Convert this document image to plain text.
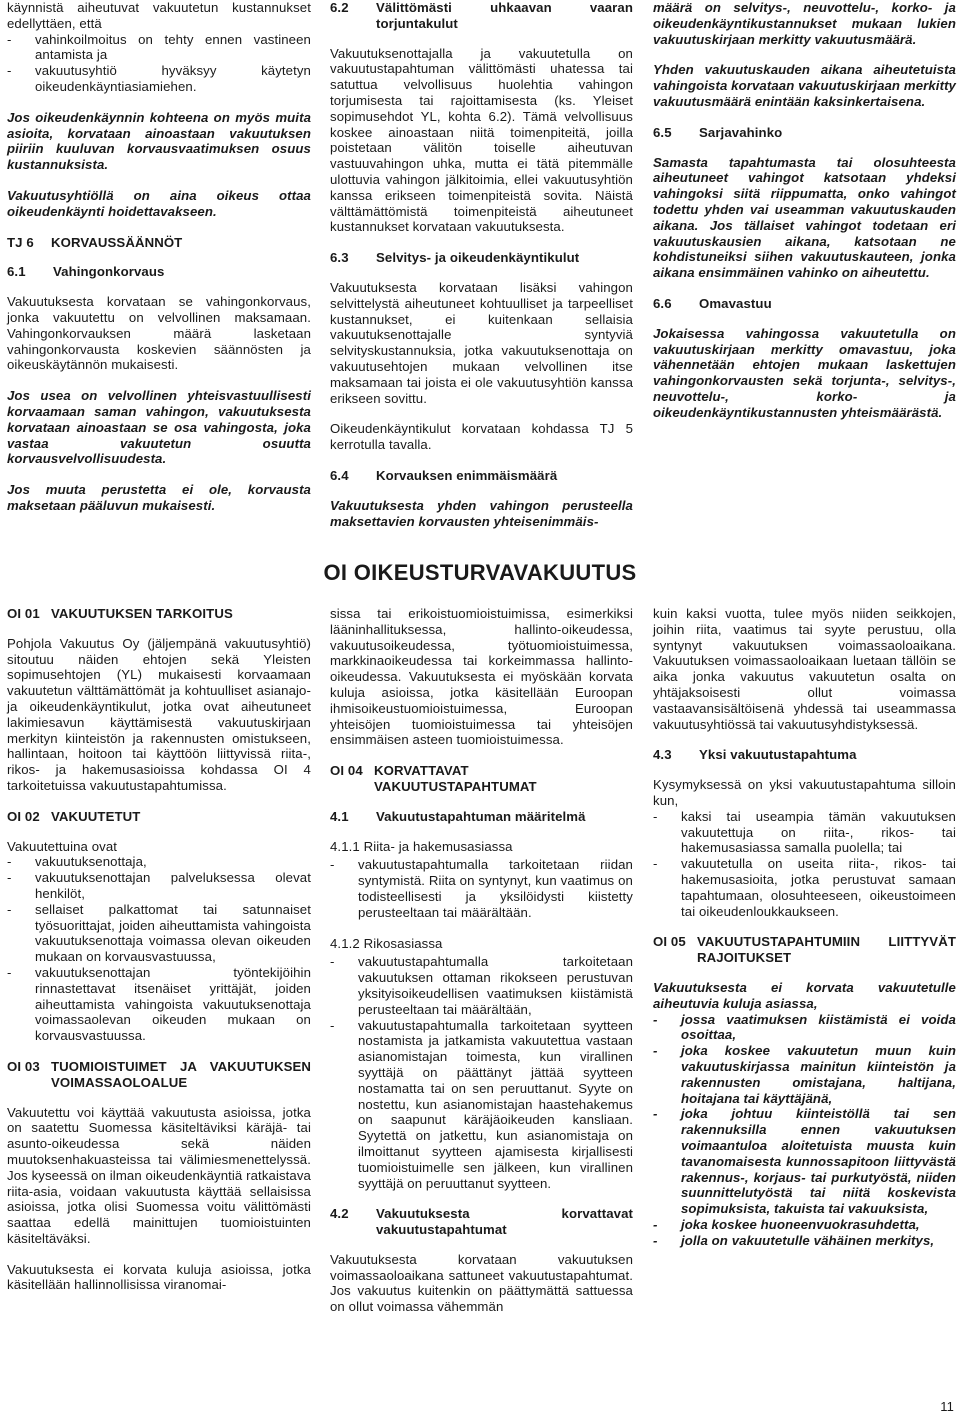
käynnistä aiheutuvat vakuutetun kustannukset edellyttäen, että
- vahinkoilmoitus on tehty ennen vastineen antamista ja
- vakuutusyhtiö hyväksyy käytetyn oikeudenkäyntiasiamiehen.

Jos oikeudenkäynnin kohteena on myös muita asioita, korvataan ainoastaan vakuutuksen piiriin kuuluvan korvausvaatimuksen osuus kustannuksista.

Vakuutusyhtiöllä on aina oikeus ottaa oikeudenkäynti hoidettavakseen.

TJ 6	KORVAUSSÄÄNNÖT
6.1	Vahingonkorvaus

Vakuutuksesta korvataan se vahingonkorvaus, jonka vakuutettu on velvollinen maksamaan. Vahingonkorvauksen määrä lasketaan vahingonkorvausta koskevien säännösten ja oikeuskäytännön mukaisesti.

Jos usea on velvollinen yhteisvastuullisesti korvaamaan saman vahingon, vakuutuksesta korvataan ainoastaan se osa vahingosta, joka vastaa vakuutetun osuutta korvausvelvollisuudesta.

Jos muuta perustetta ei ole, korvausta maksetaan pääluvun mukaisesti.

6.2	Välittömästi uhkaavan vaaran torjuntakulut

Vakuutuksenottajalla ja vakuutetulla on vakuutustapahtuman välittömästi uhatessa tai satuttua velvollisuus huolehtia vahingon torjumisesta tai rajoittamisesta (ks. Yleiset sopimusehdot YL, kohta 6.2). Tämä velvollisuus koskee ainoastaan niitä toimenpiteitä, joilla poistetaan välitön toiselle aiheutuvan vastuuvahingon uhka, mutta ei tätä pitemmälle ulottuvia vahingon jälkitoimia, ellei vakuutusyhtiön kanssa erikseen toimenpiteistä sovita. Näistä välttämättömistä toimenpiteistä aiheutuneet kustannukset korvataan vakuutuksesta.

6.3	Selvitys- ja oikeudenkäyntikulut

Vakuutuksesta korvataan lisäksi vahingon selvittelystä aiheutuneet kohtuulliset ja tarpeelliset kustannukset, ei kuitenkaan sellaisia vakuutuksenottajalle syntyviä selvityskustannuksia, jotka vakuutuksenottaja on vakuutusehtojen mukaan velvollinen itse maksamaan tai joista ei ole vakuutusyhtiön kanssa erikseen sovittu.

Oikeudenkäyntikulut korvataan kohdassa TJ 5 kerrotulla tavalla.

6.4	Korvauksen enimmäismäärä

Vakuutuksesta yhden vahingon perusteella maksettavien korvausten yhteisenimmäis-

määrä on selvitys-, neuvottelu-, korko- ja oikeudenkäyntikustannukset mukaan lukien vakuutuskirjaan merkitty vakuutusmäärä.

Yhden vakuutuskauden aikana aiheutetuista vahingoista korvataan vakuutuskirjaan merkitty vakuutusmäärä enintään kaksinkertaisena.

6.5	Sarjavahinko

Samasta tapahtumasta tai olosuhteesta aiheutuneet vahingot katsotaan yhdeksi vahingoksi siitä riippumatta, onko vahingot todettu yhden vai useamman vakuutuskauden aikana. Jos tällaiset vahingot todetaan eri vakuutuskausien aikana, katsotaan ne kohdistuneiksi siihen vakuutuskauteen, jonka aikana ensimmäinen vahinko on aiheutettu.

6.6	Omavastuu

Jokaisessa vahingossa vakuutetulla on vakuutuskirjaan merkitty omavastuu, joka vähennetään ehtojen mukaan laskettujen vahingonkorvausten sekä torjunta-, selvitys-, neuvottelu-, korko- ja oikeudenkäyntikustannusten yhteismäärästä.

OI OIKEUSTURVAVAKUUTUS
OI 01 VAKUUTUKSEN TARKOITUS

Pohjola Vakuutus Oy (jäljempänä vakuutusyhtiö) sitoutuu näiden ehtojen sekä Yleisten sopimusehtojen (YL) mukaisesti korvaamaan vakuutetun välttämättömät ja kohtuulliset asianajo- ja oikeudenkäyntikulut, jotka ovat aiheutuneet lakimiesavun käyttämisestä vakuutuskirjaan merkityn kiinteistön ja rakennusten omistukseen, hallintaan, hoitoon tai käyttöön liittyvissä riita-, rikos- ja hakemusasioissa kohdassa OI 4 tarkoitetuissa vakuutustapahtumissa.

OI 02 VAKUUTETUT

Vakuutettuina ovat

- vakuutuksenottaja,
- vakuutuksenottajan palveluksessa olevat henkilöt,
- sellaiset palkattomat tai satunnaiset työsuorittajat, joiden aiheuttamista vahingoista vakuutuksenottaja voimassa olevan oikeuden mukaan on korvausvastuussa,
- vakuutuksenottajan työntekijöihin rinnastettavat itsenäiset yrittäjät, joiden aiheuttamista vahingoista vakuutuksenottaja voimassaolevan oikeuden mukaan on korvausvastuussa.
OI 03 TUOMIOISTUIMET JA VAKUUTUKSEN VOIMASSAOLOALUE

Vakuutettu voi käyttää vakuutusta asioissa, jotka on saatettu Suomessa käsiteltäviksi käräjä- tai asunto-oikeudessa sekä näiden muutoksenhakuasteissa tai välimiesmenettelyssä. Jos kyseessä on ilman oikeudenkäyntiä ratkaistava riita-asia, voidaan vakuutusta käyttää sellaisissa asioissa, jotka olisi Suomessa voitu välittömästi saattaa edellä mainittujen tuomioistuinten käsiteltäväksi.

Vakuutuksesta ei korvata kuluja asioissa, jotka käsitellään hallinnollisissa viranomai-

sissa tai erikoistuomioistuimissa, esimerkiksi lääninhallituksessa, hallinto-oikeudessa, vakuutusoikeudessa, työtuomioistuimessa, markkinaoikeudessa tai korkeimmassa hallinto-oikeudessa. Vakuutuksesta ei myöskään korvata kuluja asioissa, jotka käsitellään Euroopan ihmisoikeustuomioistuimessa, Euroopan yhteisöjen tuomioistuimessa tai yhteisöjen ensimmäisen asteen tuomioistuimessa.

OI 04 KORVATTAVAT VAKUUTUSTAPAHTUMAT
4.1	Vakuutustapahtuman määritelmä
4.1.1 Riita- ja hakemusasiassa
- vakuutustapahtumalla tarkoitetaan riidan syntymistä. Riita on syntynyt, kun vaatimus on todisteellisesti ja yksilöidysti kiistetty perusteeltaan tai määrältään.
4.1.2 Rikosasiassa
- vakuutustapahtumalla tarkoitetaan vakuutuksen ottaman rikokseen perustuvan yksityisoikeudellisen vaatimuksen kiistämistä perusteeltaan tai määrältään,
- vakuutustapahtumalla tarkoitetaan syytteen nostamista ja jatkamista vakuutettua vastaan asianomistajan toimesta, kun virallinen syyttäjä on päättänyt jättää syytteen nostamatta tai on sen peruuttanut. Syyte on nostettu, kun asianomistajan haastehakemus on saapunut käräjäoikeuden kansliaan. Syytettä on jatkettu, kun asianomistaja on ilmoittanut syytteen ajamisesta kirjallisesti tuomioistuimelle sen jälkeen, kun virallinen syyttäjä on peruuttanut syytteen.
4.2	Vakuutuksesta korvattavat vakuutustapahtumat

Vakuutuksesta korvataan vakuutuksen voimassaoloaikana sattuneet vakuutustapahtumat. Jos vakuutus kuitenkin on päättymättä sattuessa on ollut voimassa vähemmän

kuin kaksi vuotta, tulee myös niiden seikkojen, joihin riita, vaatimus tai syyte perustuu, olla syntynyt vakuutuksen voimassaoloaikana. Vakuutuksen voimassaoloaikaan luetaan tällöin se aika jonka vakuutus vakuutetun osalta on yhtäjaksoisesti ollut voimassa vastaavansisältöisenä yhdessä tai useammassa vakuutusyhtiössä tai vakuutusyhdistyksessä.

4.3	Yksi vakuutustapahtuma

Kysymyksessä on yksi vakuutustapahtuma silloin kun,

- kaksi tai useampia tämän vakuutuksen vakuutettuja on riita-, rikos- tai hakemusasiassa samalla puolella; tai
- vakuutetulla on useita riita-, rikos- tai hakemusasioita, jotka perustuvat samaan tapahtumaan, olosuhteeseen, oikeustoimeen tai oikeudenloukkaukseen.
OI 05 VAKUUTUSTAPAHTUMIIN LIITTYVÄT RAJOITUKSET

Vakuutuksesta ei korvata vakuutetulle aiheutuvia kuluja asiassa,

- jossa vaatimuksen kiistämistä ei voida osoittaa,
- joka koskee vakuutetun muun kuin vakuutuskirjassa mainitun kiinteistön ja rakennusten omistajana, haltijana, hoitajana tai käyttäjänä,
- joka johtuu kiinteistöllä tai sen rakennuksilla ennen vakuutuksen voimaantuloa aloitetuista muusta kuin tavanomaisesta kunnossapitoon liittyvästä rakennus-, korjaus- tai purkutyöstä, niiden suunnittelutyöstä tai niitä koskevista sopimuksista, takuista tai vakuuksista,
- joka koskee huoneenvuokrasuhdetta,
- jolla on vakuutetulle vähäinen merkitys,
11
